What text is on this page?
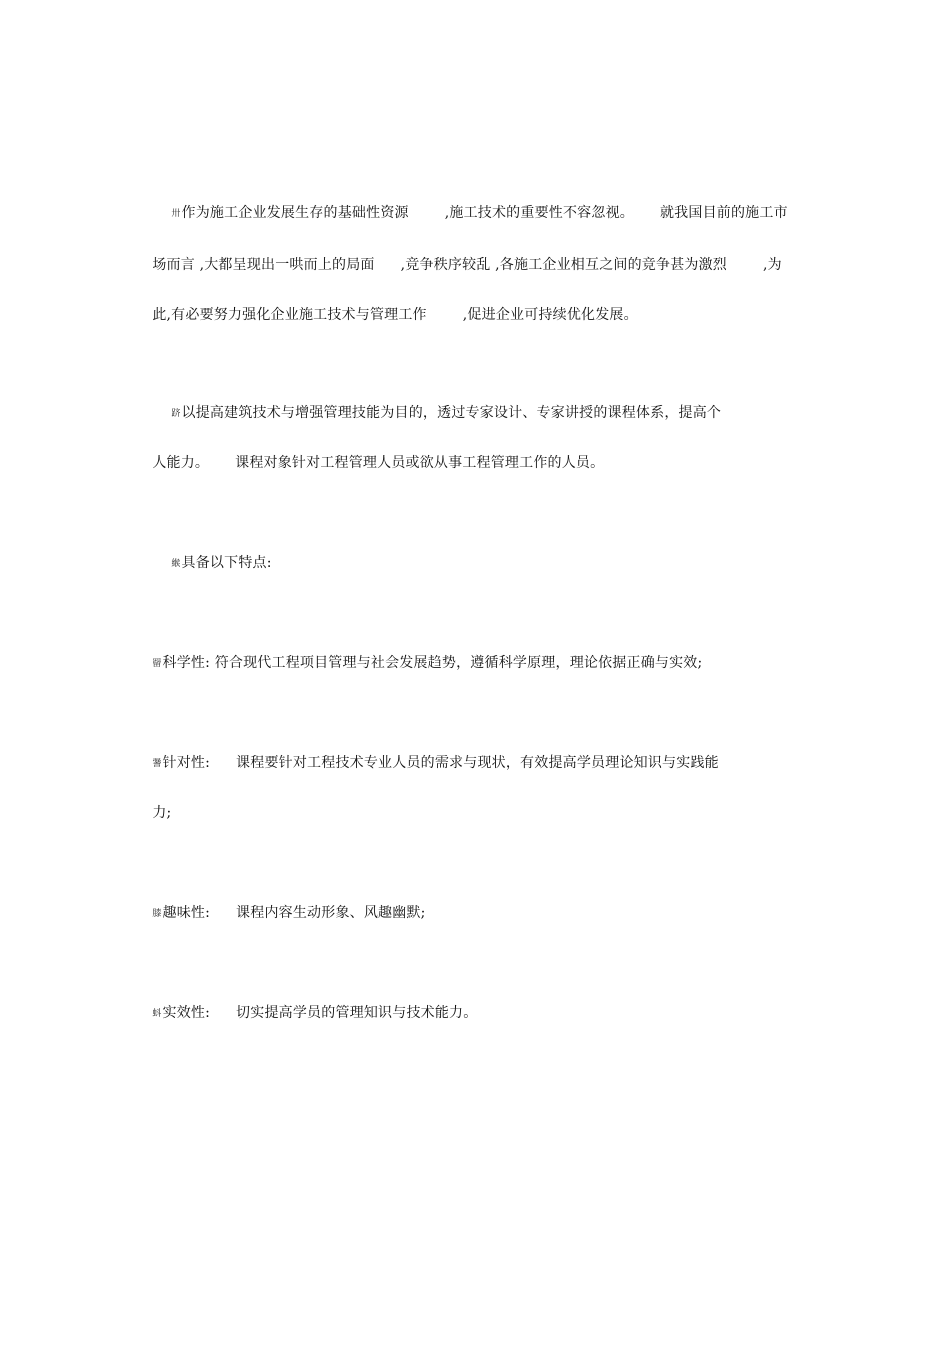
卅作为施工企业发展生存的基础性资源	,施工技术的重要性不容忽视。 就我国目前的施工市

场而言 ,大都呈现出一哄而上的局面 ,竞争秩序较乱 ,各施工企业相互之间的竞争甚为激烈	,为

此,有必要努力强化企业施工技术与管理工作	,促进企业可持续优化发展。

跻以提高建筑技术与增强管理技能为目的，透过专家设计、专家讲授的课程体系，提高个

人能力。 课程对象针对工程管理人员或欲从事工程管理工作的人员。

緱具备以下特点:

罶科学性: 符合现代工程项目管理与社会发展趋势，遵循科学原理，理论依据正确与实效;

謽针对性: 课程要针对工程技术专业人员的需求与现状，有效提高学员理论知识与实践能

力;

膝趣味性: 课程内容生动形象、风趣幽默;

蚪实效性: 切实提高学员的管理知识与技术能力。
